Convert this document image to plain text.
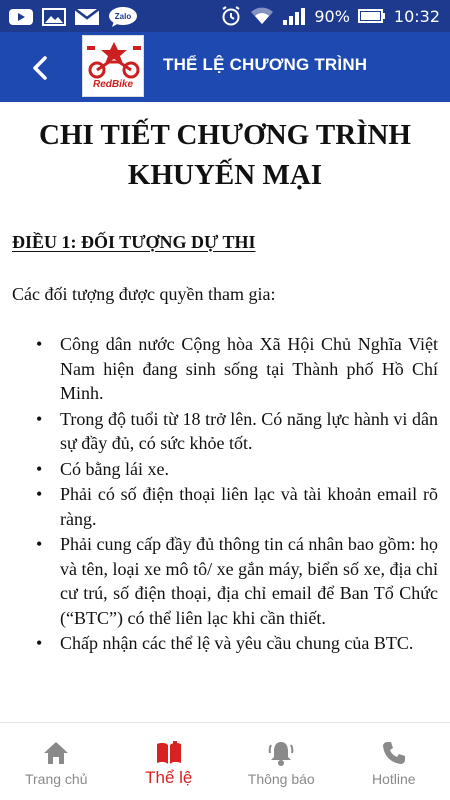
Zalo	90%	10:32
RedBike
THỂ LỆ CHƯƠNG TRÌNH
CHI TIẾT CHƯƠNG TRÌNH KHUYẾN MẠI
ĐIỀU 1: ĐỐI TƯỢNG DỰ THI
Các đối tượng được quyền tham gia:
• Công dân nước Cộng hòa Xã Hội Chủ Nghĩa Việt Nam hiện đang sinh sống tại Thành phố Hồ Chí Minh.
• Trong độ tuổi từ 18 trở lên. Có năng lực hành vi dân sự đầy đủ, có sức khỏe tốt.
• Có bằng lái xe.
• Phải có số điện thoại liên lạc và tài khoản email rõ ràng.
• Phải cung cấp đầy đủ thông tin cá nhân bao gồm: họ và tên, loại xe mô tô/ xe gắn máy, biển số xe, địa chỉ cư trú, số điện thoại, địa chỉ email để Ban Tổ Chức (“BTC”) có thể liên lạc khi cần thiết.
• Chấp nhận các thể lệ và yêu cầu chung của BTC.
Trang chủ	Thể lệ	Thông báo	Hotline
